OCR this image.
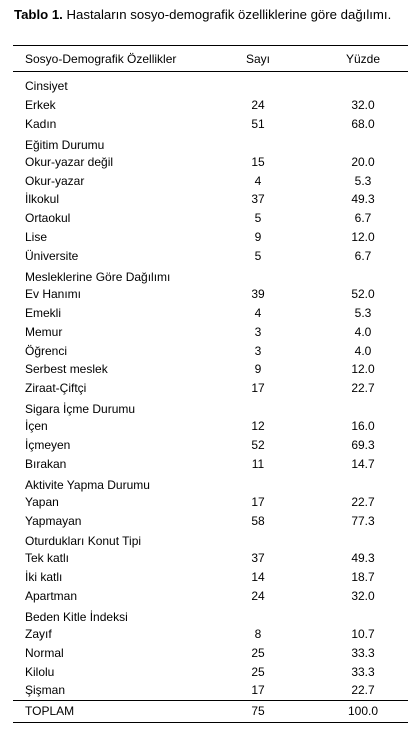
Tablo 1. Hastaların sosyo-demografik özelliklerine göre dağılımı.
Sosyo-Demografik Özellikler	Sayı	Yüzde
Cinsiyet		
Erkek	24	32.0
Kadın	51	68.0
Eğitim Durumu		
Okur-yazar değil	15	20.0
Okur-yazar	4	5.3
İlkokul	37	49.3
Ortaokul	5	6.7
Lise	9	12.0
Üniversite	5	6.7
Mesleklerine Göre Dağılımı		
Ev Hanımı	39	52.0
Emekli	4	5.3
Memur	3	4.0
Öğrenci	3	4.0
Serbest meslek	9	12.0
Ziraat-Çiftçi	17	22.7
Sigara İçme Durumu		
İçen	12	16.0
İçmeyen	52	69.3
Bırakan	11	14.7
Aktivite Yapma Durumu		
Yapan	17	22.7
Yapmayan	58	77.3
Oturdukları Konut Tipi		
Tek katlı	37	49.3
İki katlı	14	18.7
Apartman	24	32.0
Beden Kitle İndeksi		
Zayıf	8	10.7
Normal	25	33.3
Kilolu	25	33.3
Şişman	17	22.7
TOPLAM	75	100.0
